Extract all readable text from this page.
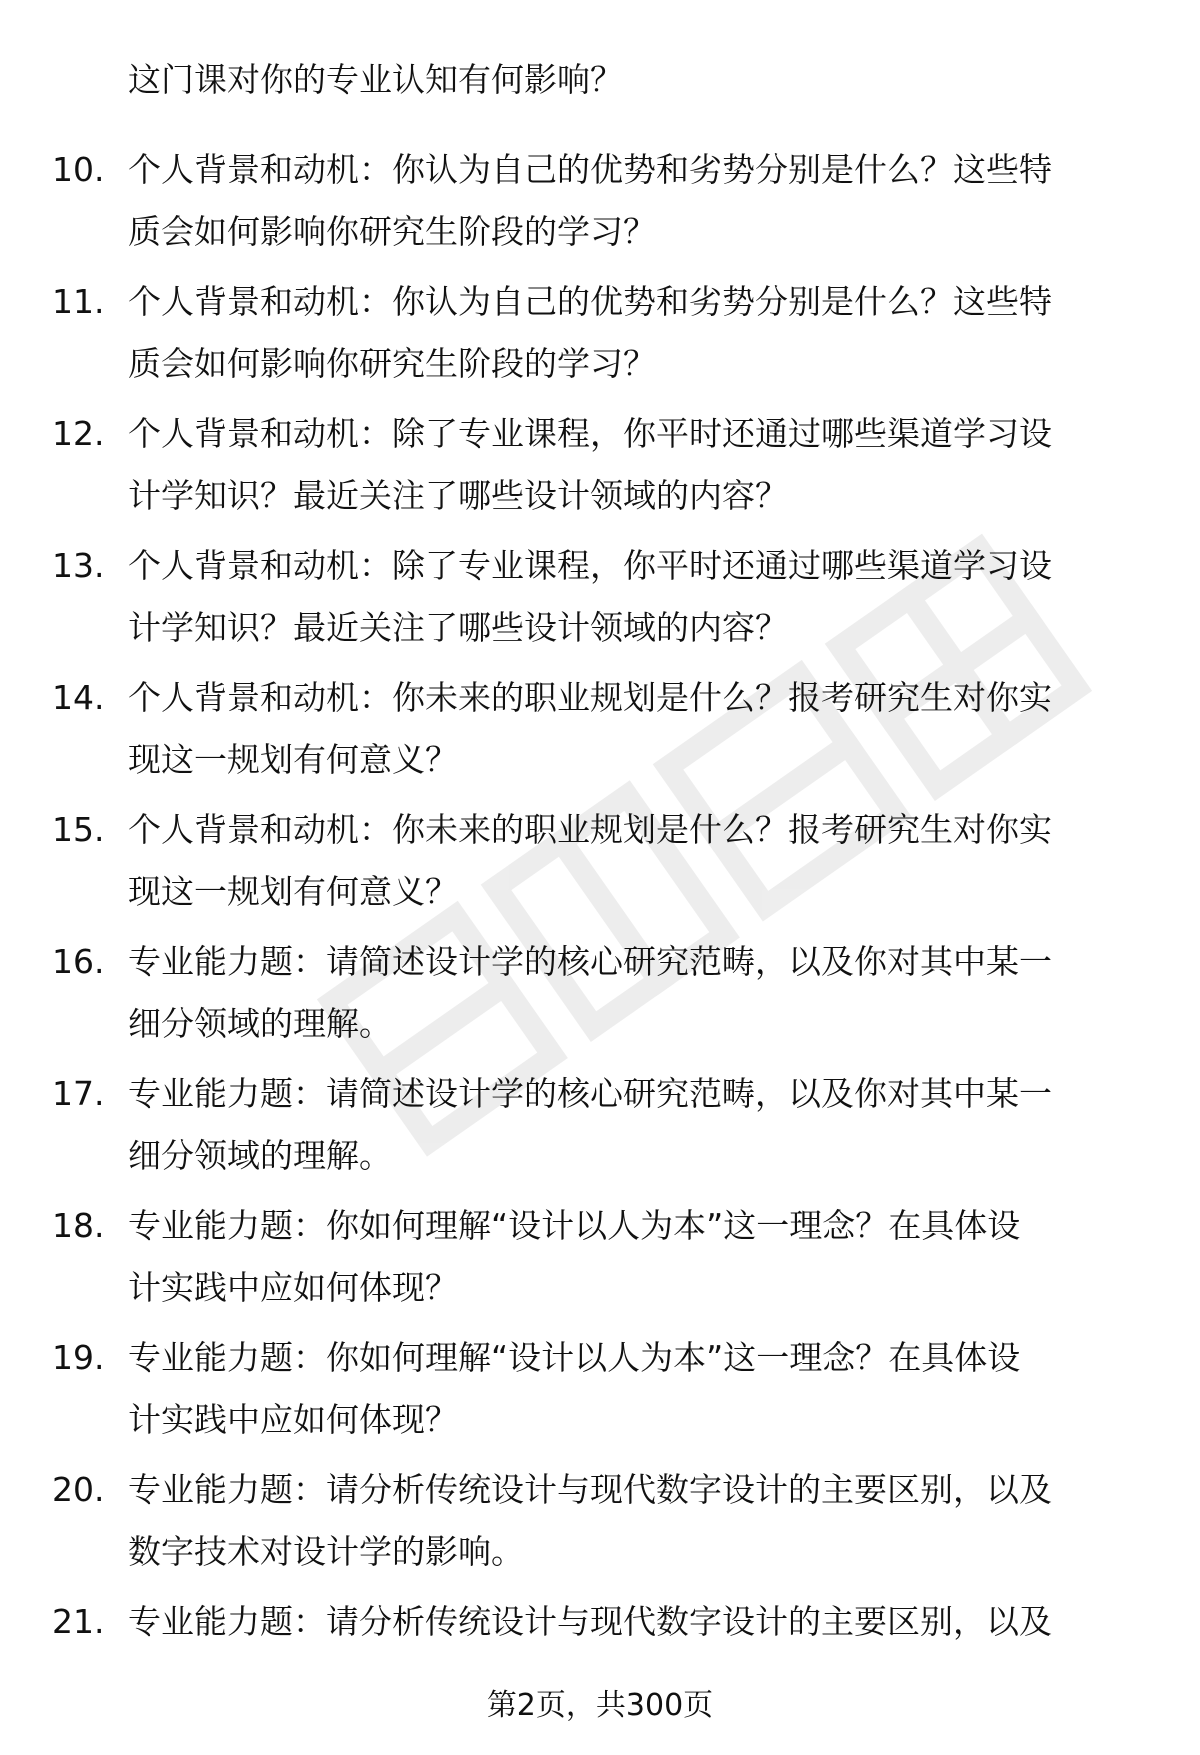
这门课对你的专业认知有何影响？
10. 个人背景和动机：你认为自己的优势和劣势分别是什么？这些特
质会如何影响你研究生阶段的学习？
11. 个人背景和动机：你认为自己的优势和劣势分别是什么？这些特
质会如何影响你研究生阶段的学习？
12. 个人背景和动机：除了专业课程，你平时还通过哪些渠道学习设
计学知识？最近关注了哪些设计领域的内容？
13. 个人背景和动机：除了专业课程，你平时还通过哪些渠道学习设
计学知识？最近关注了哪些设计领域的内容？
14. 个人背景和动机：你未来的职业规划是什么？报考研究生对你实
现这一规划有何意义？
15. 个人背景和动机：你未来的职业规划是什么？报考研究生对你实
现这一规划有何意义？
16. 专业能力题：请简述设计学的核心研究范畴，以及你对其中某一
细分领域的理解。
17. 专业能力题：请简述设计学的核心研究范畴，以及你对其中某一
细分领域的理解。
18. 专业能力题：你如何理解“设计以人为本”这一理念？在具体设
计实践中应如何体现？
19. 专业能力题：你如何理解“设计以人为本”这一理念？在具体设
计实践中应如何体现？
20. 专业能力题：请分析传统设计与现代数字设计的主要区别，以及
数字技术对设计学的影响。
21. 专业能力题：请分析传统设计与现代数字设计的主要区别，以及
第2页，共300页
